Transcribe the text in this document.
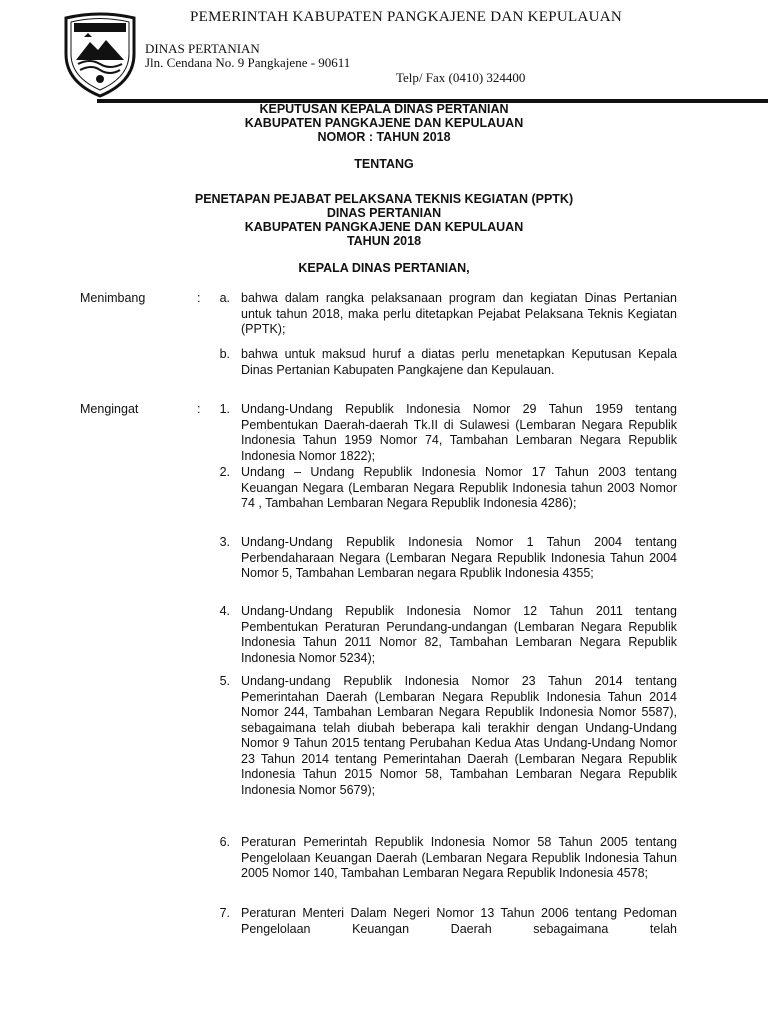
PEMERINTAH KABUPATEN PANGKAJENE DAN KEPULAUAN
DINAS PERTANIAN
Jln. Cendana No. 9 Pangkajene - 90611
Telp/ Fax (0410) 324400
KEPUTUSAN KEPALA DINAS PERTANIAN
KABUPATEN PANGKAJENE DAN KEPULAUAN
NOMOR : TAHUN 2018
TENTANG
PENETAPAN PEJABAT PELAKSANA TEKNIS KEGIATAN (PPTK)
DINAS PERTANIAN
KABUPATEN PANGKAJENE DAN KEPULAUAN
TAHUN 2018
KEPALA DINAS PERTANIAN,
Menimbang	:	a. bahwa dalam rangka pelaksanaan program dan kegiatan Dinas Pertanian untuk tahun 2018, maka perlu ditetapkan Pejabat Pelaksana Teknis Kegiatan (PPTK);
b. bahwa untuk maksud huruf a diatas perlu menetapkan Keputusan Kepala Dinas Pertanian Kabupaten Pangkajene dan Kepulauan.
Mengingat	:	1. Undang-Undang Republik Indonesia Nomor 29 Tahun 1959 tentang Pembentukan Daerah-daerah Tk.II di Sulawesi (Lembaran Negara Republik Indonesia Tahun 1959 Nomor 74, Tambahan Lembaran Negara Republik Indonesia Nomor 1822);
2. Undang – Undang Republik Indonesia Nomor 17 Tahun 2003 tentang Keuangan Negara (Lembaran Negara Republik Indonesia tahun 2003 Nomor 74 , Tambahan Lembaran Negara Republik Indonesia 4286);
3. Undang-Undang Republik Indonesia Nomor 1 Tahun 2004 tentang Perbendaharaan Negara (Lembaran Negara Republik Indonesia Tahun 2004 Nomor 5, Tambahan Lembaran negara Rpublik Indonesia 4355;
4. Undang-Undang Republik Indonesia Nomor 12 Tahun 2011 tentang Pembentukan Peraturan Perundang-undangan (Lembaran Negara Republik Indonesia Tahun 2011 Nomor 82, Tambahan Lembaran Negara Republik Indonesia Nomor 5234);
5. Undang-undang Republik Indonesia Nomor 23 Tahun 2014 tentang Pemerintahan Daerah (Lembaran Negara Republik Indonesia Tahun 2014 Nomor 244, Tambahan Lembaran Negara Republik Indonesia Nomor 5587), sebagaimana telah diubah beberapa kali terakhir dengan Undang-Undang Nomor 9 Tahun 2015 tentang Perubahan Kedua Atas Undang-Undang Nomor 23 Tahun 2014 tentang Pemerintahan Daerah (Lembaran Negara Republik Indonesia Tahun 2015 Nomor 58, Tambahan Lembaran Negara Republik Indonesia Nomor 5679);
6. Peraturan Pemerintah Republik Indonesia Nomor 58 Tahun 2005 tentang Pengelolaan Keuangan Daerah (Lembaran Negara Republik Indonesia Tahun 2005 Nomor 140, Tambahan Lembaran Negara Republik Indonesia 4578;
7. Peraturan Menteri Dalam Negeri Nomor 13 Tahun 2006 tentang Pedoman Pengelolaan Keuangan Daerah sebagaimana telah
